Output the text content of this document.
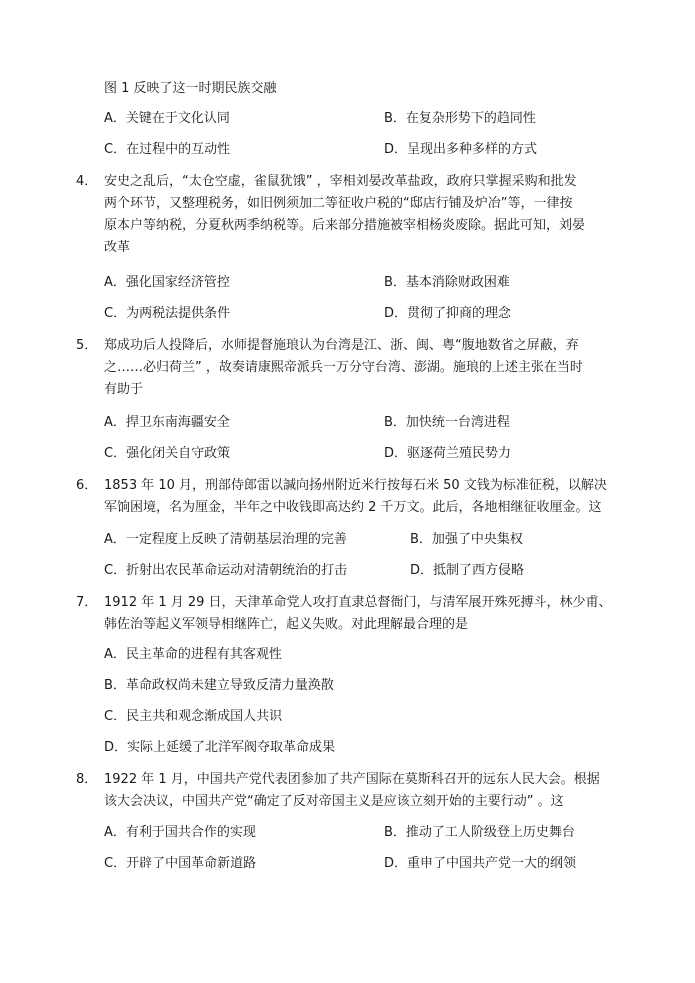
图 1 反映了这一时期民族交融
A．关键在于文化认同	B．在复杂形势下的趋同性
C．在过程中的互动性	D．呈现出多种多样的方式
4． 安史之乱后，“太仓空虚，雀鼠犹饿” ，宰相刘晏改革盐政，政府只掌握采购和批发
两个环节，又整理税务，如旧例须加二等征收户税的“邸店行铺及炉冶”等，一律按
原本户等纳税，分夏秋两季纳税等。后来部分措施被宰相杨炎废除。据此可知，刘晏
改革
A．强化国家经济管控	B．基本消除财政困难
C．为两税法提供条件	D．贯彻了抑商的理念
5． 郑成功后人投降后，水师提督施琅认为台湾是江、浙、闽、粤“腹地数省之屏蔽，弃
之……必归荷兰” ，故奏请康熙帝派兵一万分守台湾、澎湖。施琅的上述主张在当时
有助于
A．捍卫东南海疆安全	B．加快统一台湾进程
C．强化闭关自守政策	D．驱逐荷兰殖民势力
6． 1853 年 10 月，刑部侍郎雷以諴向扬州附近米行按每石米 50 文钱为标准征税，以解决
军饷困境，名为厘金，半年之中收钱即高达约 2 千万文。此后，各地相继征收厘金。这
A．一定程度上反映了清朝基层治理的完善	B．加强了中央集权
C．折射出农民革命运动对清朝统治的打击	D．抵制了西方侵略
7． 1912 年 1 月 29 日，天津革命党人攻打直隶总督衙门，与清军展开殊死搏斗，林少甫、
韩佐治等起义军领导相继阵亡，起义失败。对此理解最合理的是
A．民主革命的进程有其客观性
B．革命政权尚未建立导致反清力量涣散
C．民主共和观念渐成国人共识
D．实际上延缓了北洋军阀夺取革命成果
8． 1922 年 1 月，中国共产党代表团参加了共产国际在莫斯科召开的远东人民大会。根据
该大会决议，中国共产党“确定了反对帝国主义是应该立刻开始的主要行动” 。这
A．有利于国共合作的实现	B．推动了工人阶级登上历史舞台
C．开辟了中国革命新道路	D．重申了中国共产党一大的纲领
